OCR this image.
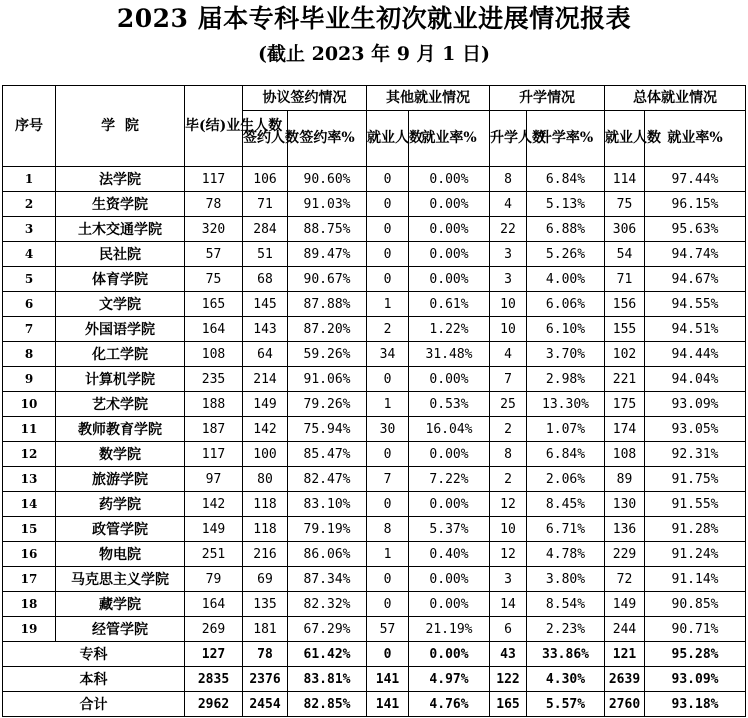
2023 届本专科毕业生初次就业进展情况报表
(截止 2023 年 9 月 1 日)
序号	学  院	毕(结)业生人数	协议签约情况		其他就业情况		升学情况		总体就业情况	
			签约人数	签约率%	就业人数	就业率%	升学人数	升学率%	就业人数	就业率%
1	法学院	117	106	90.60%	0	0.00%	8	6.84%	114	97.44%
2	生资学院	78	71	91.03%	0	0.00%	4	5.13%	75	96.15%
3	土木交通学院	320	284	88.75%	0	0.00%	22	6.88%	306	95.63%
4	民社院	57	51	89.47%	0	0.00%	3	5.26%	54	94.74%
5	体育学院	75	68	90.67%	0	0.00%	3	4.00%	71	94.67%
6	文学院	165	145	87.88%	1	0.61%	10	6.06%	156	94.55%
7	外国语学院	164	143	87.20%	2	1.22%	10	6.10%	155	94.51%
8	化工学院	108	64	59.26%	34	31.48%	4	3.70%	102	94.44%
9	计算机学院	235	214	91.06%	0	0.00%	7	2.98%	221	94.04%
10	艺术学院	188	149	79.26%	1	0.53%	25	13.30%	175	93.09%
11	教师教育学院	187	142	75.94%	30	16.04%	2	1.07%	174	93.05%
12	数学院	117	100	85.47%	0	0.00%	8	6.84%	108	92.31%
13	旅游学院	97	80	82.47%	7	7.22%	2	2.06%	89	91.75%
14	药学院	142	118	83.10%	0	0.00%	12	8.45%	130	91.55%
15	政管学院	149	118	79.19%	8	5.37%	10	6.71%	136	91.28%
16	物电院	251	216	86.06%	1	0.40%	12	4.78%	229	91.24%
17	马克思主义学院	79	69	87.34%	0	0.00%	3	3.80%	72	91.14%
18	藏学院	164	135	82.32%	0	0.00%	14	8.54%	149	90.85%
19	经管学院	269	181	67.29%	57	21.19%	6	2.23%	244	90.71%
专科		127	78	61.42%	0	0.00%	43	33.86%	121	95.28%
本科		2835	2376	83.81%	141	4.97%	122	4.30%	2639	93.09%
合计		2962	2454	82.85%	141	4.76%	165	5.57%	2760	93.18%
